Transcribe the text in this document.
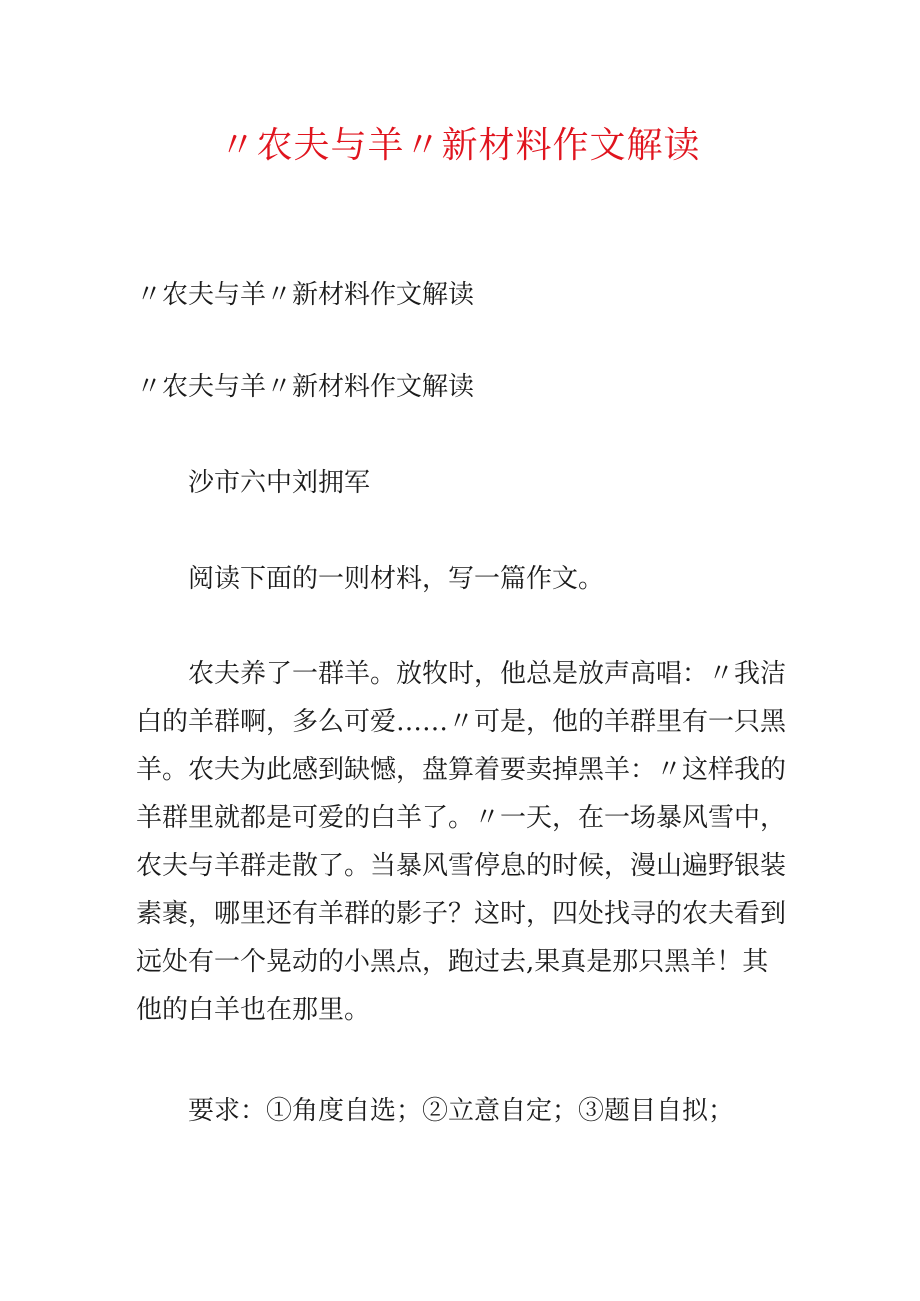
〃农夫与羊〃新材料作文解读
〃农夫与羊〃新材料作文解读
〃农夫与羊〃新材料作文解读
沙市六中刘拥军
阅读下面的一则材料，写一篇作文。

农夫养了一群羊。放牧时，他总是放声高唱：〃我洁

白的羊群啊，多么可爱……〃可是，他的羊群里有一只黑

羊。农夫为此感到缺憾，盘算着要卖掉黑羊：〃这样我的

羊群里就都是可爱的白羊了。〃一天，在一场暴风雪中，

农夫与羊群走散了。当暴风雪停息的时候，漫山遍野银装

素裹，哪里还有羊群的影子？这时，四处找寻的农夫看到

远处有一个晃动的小黑点，跑过去,果真是那只黑羊！其

他的白羊也在那里。

要求：①角度自选；②立意自定；③题目自拟；
